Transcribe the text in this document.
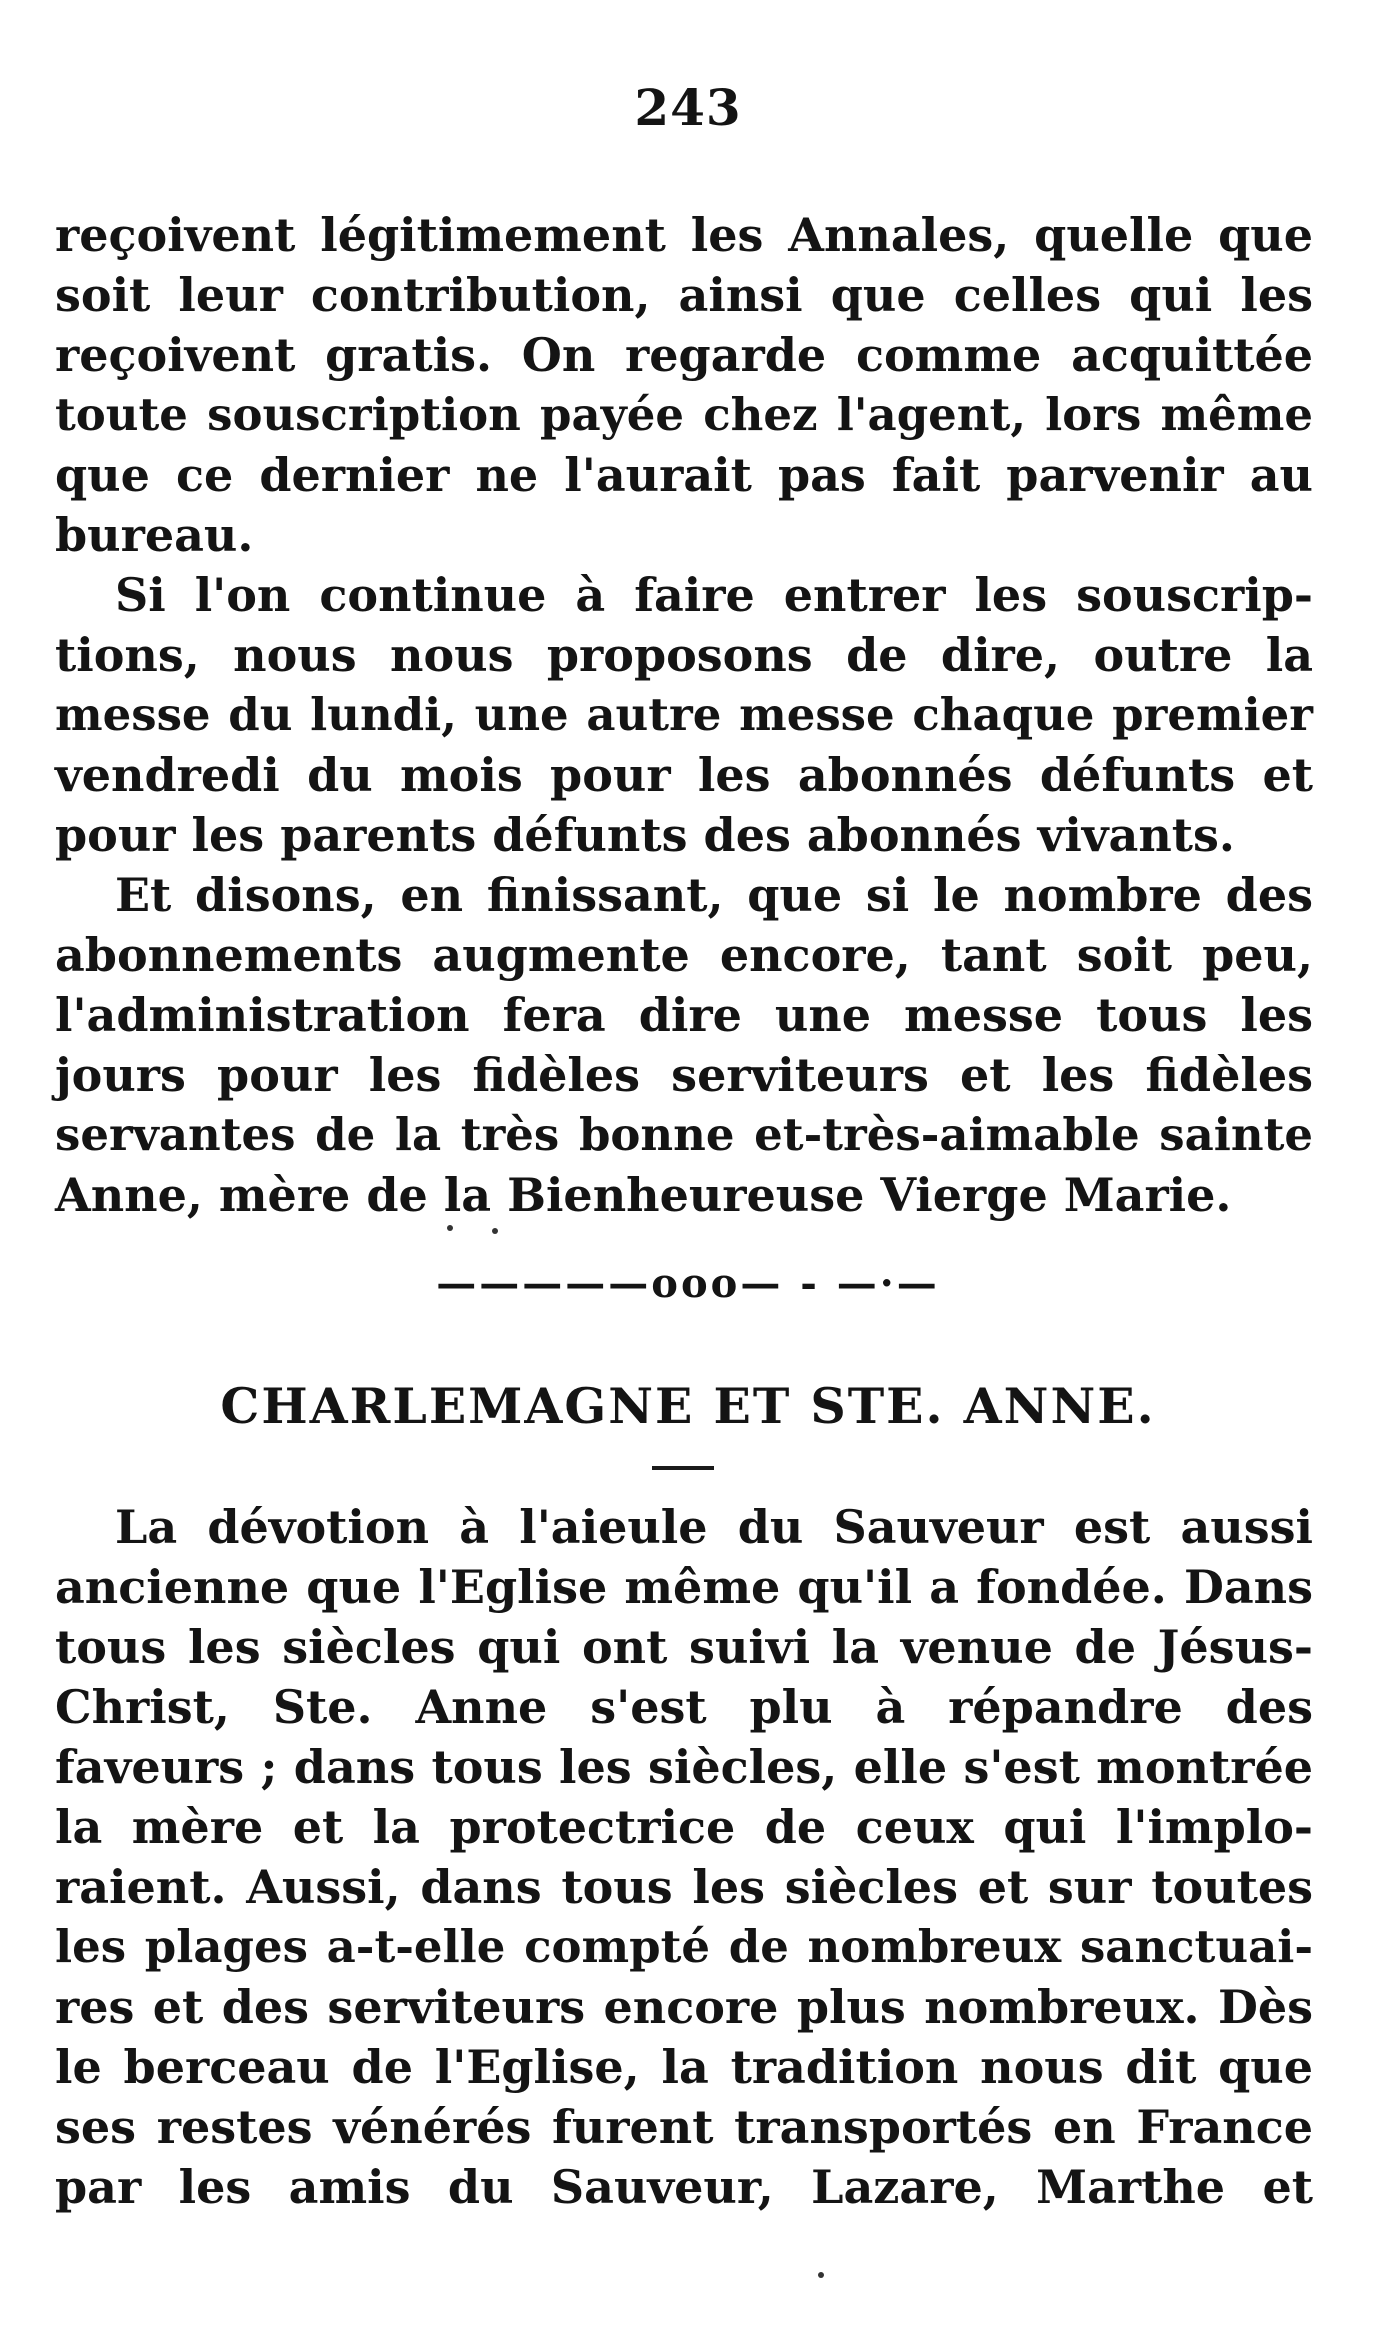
243
reçoivent légitimement les Annales, quelle que
soit leur contribution, ainsi que celles qui les
reçoivent gratis. On regarde comme acquittée
toute souscription payée chez l'agent, lors même
que ce dernier ne l'aurait pas fait parvenir au
bureau.
Si l'on continue à faire entrer les souscrip-
tions, nous nous proposons de dire, outre la
messe du lundi, une autre messe chaque premier
vendredi du mois pour les abonnés défunts et
pour les parents défunts des abonnés vivants.
Et disons, en finissant, que si le nombre des
abonnements augmente encore, tant soit peu,
l'administration fera dire une messe tous les
jours pour les fidèles serviteurs et les fidèles
servantes de la très bonne et-très-aimable sainte
Anne, mère de la Bienheureuse Vierge Marie.
—————ooo— - —·—
CHARLEMAGNE ET STE. ANNE.
La dévotion à l'aieule du Sauveur est aussi
ancienne que l'Eglise même qu'il a fondée. Dans
tous les siècles qui ont suivi la venue de Jésus-
Christ, Ste. Anne s'est plu à répandre des
faveurs ; dans tous les siècles, elle s'est montrée
la mère et la protectrice de ceux qui l'implo-
raient. Aussi, dans tous les siècles et sur toutes
les plages a-t-elle compté de nombreux sanctuai-
res et des serviteurs encore plus nombreux. Dès
le berceau de l'Eglise, la tradition nous dit que
ses restes vénérés furent transportés en France
par les amis du Sauveur, Lazare, Marthe et
